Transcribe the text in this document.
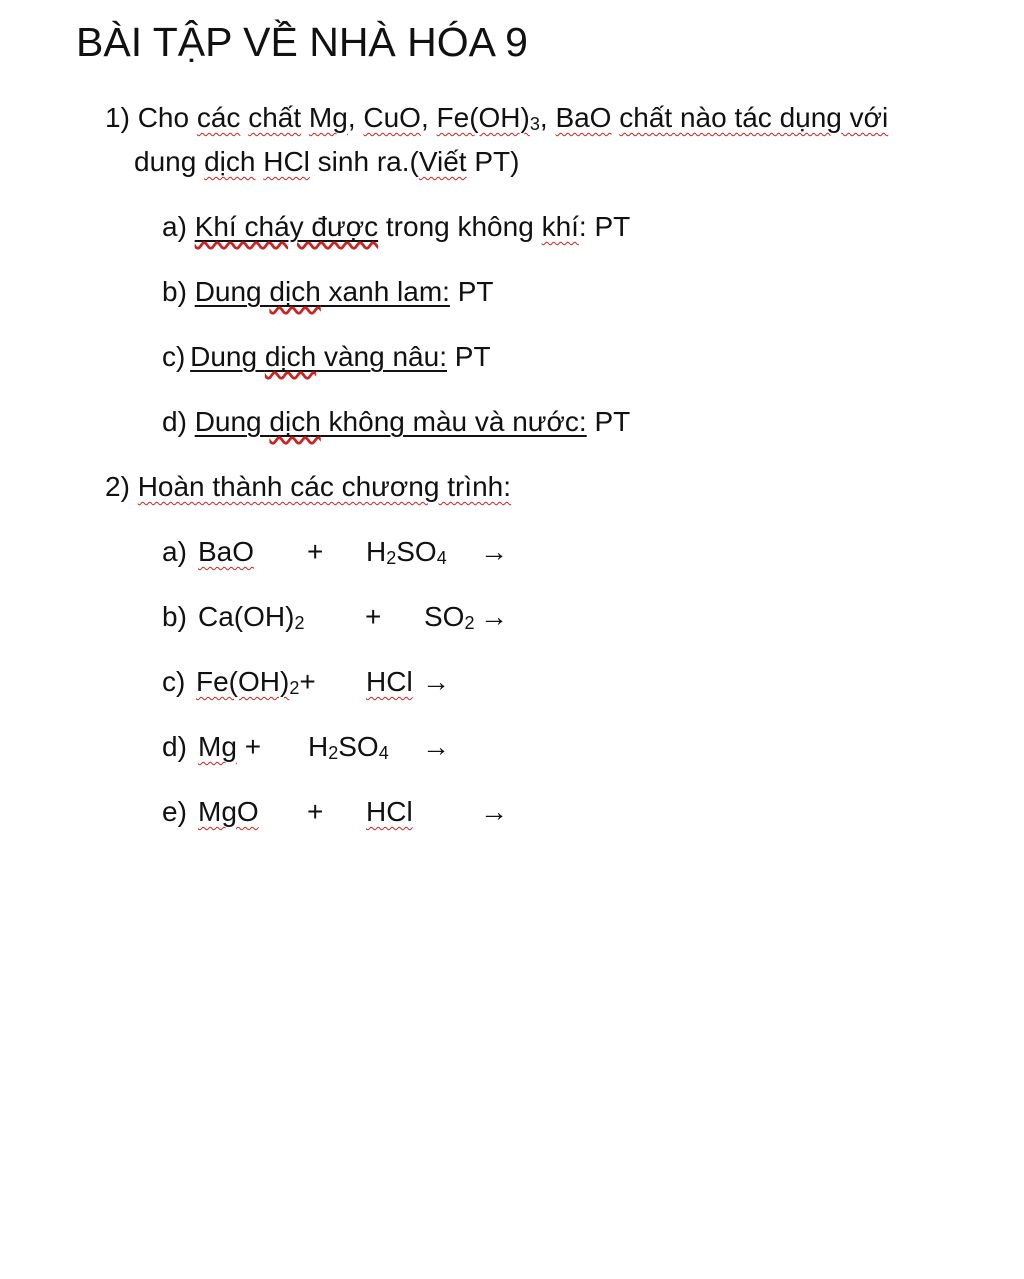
BÀI TẬP VỀ NHÀ HÓA 9
1) Cho các chất Mg, CuO, $Fe(OH)_3$, BaO chất nào tác dụng với
dung dịch HCl sinh ra.(Viết PT)
a) Khí cháy được trong không khí: PT
b) Dung dịch xanh lam: PT
c) Dung dịch vàng nâu: PT
d) Dung dịch không màu và nước: PT
2) Hoàn thành các chương trình:
a) BaO + $H_2SO_4$ →
b) $Ca(OH)_2 + SO_2$ →
c) $Fe(OH)_2+$ HCl →
d) $Mg + H_2SO_4$ →
e) MgO + HCl →
